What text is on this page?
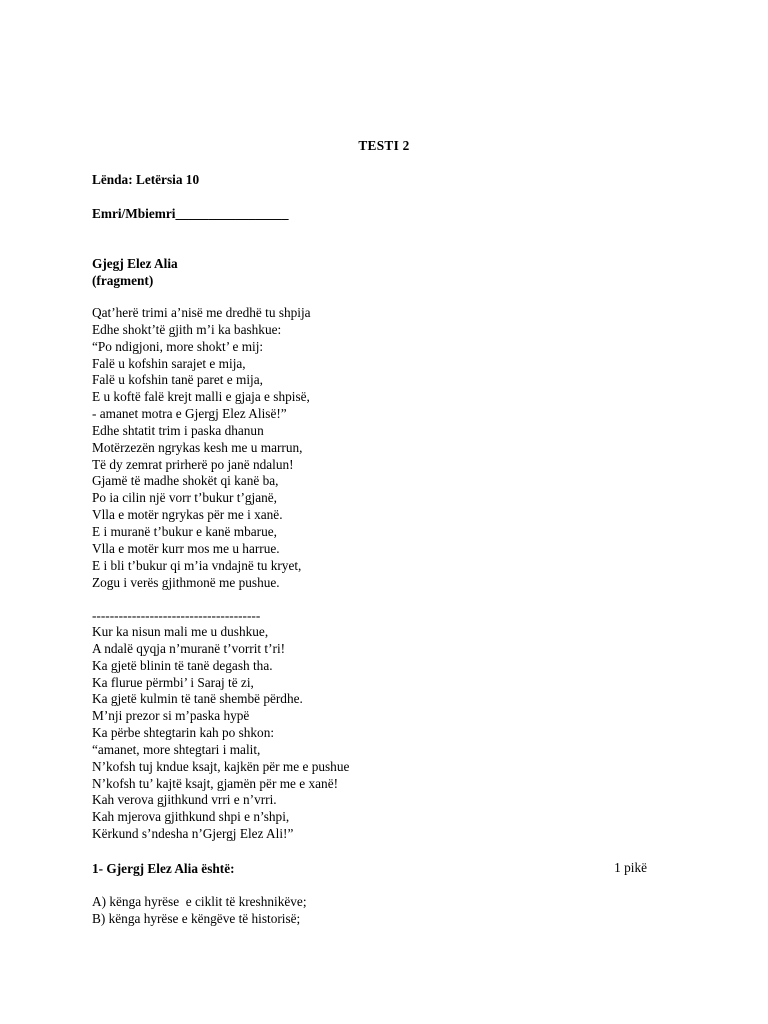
TESTI 2
Lënda: Letërsia 10
Emri/Mbiemri_________________
Gjegj Elez Alia
(fragment)
Qat’herë trimi a’nisë me dredhë tu shpija
Edhe shokt’të gjith m’i ka bashkue:
“Po ndigjoni, more shokt’ e mij:
Falë u kofshin sarajet e mija,
Falë u kofshin tanë paret e mija,
E u koftë falë krejt malli e gjaja e shpisë,
- amanet motra e Gjergj Elez Alisë!”
Edhe shtatit trim i paska dhanun
Motërzezën ngrykas kesh me u marrun,
Të dy zemrat prirherë po janë ndalun!
Gjamë të madhe shokët qi kanë ba,
Po ia cilin një vorr t’bukur t’gjanë,
Vlla e motër ngrykas për me i xanë.
E i muranë t’bukur e kanë mbarue,
Vlla e motër kurr mos me u harrue.
E i bli t’bukur qi m’ia vndajnë tu kryet,
Zogu i verës gjithmonë me pushue.
--------------------------------------
Kur ka nisun mali me u dushkue,
A ndalë qyqja n’muranë t’vorrit t’ri!
Ka gjetë blinin të tanë degash tha.
Ka flurue përmbi’ i Saraj të zi,
Ka gjetë kulmin të tanë shembë përdhe.
M’nji prezor si m’paska hypë
Ka përbe shtegtarin kah po shkon:
“amanet, more shtegtari i malit,
N’kofsh tuj kndue ksajt, kajkën për me e pushue
N’kofsh tu’ kajtë ksajt, gjamën për me e xanë!
Kah verova gjithkund vrri e n’vrri.
Kah mjerova gjithkund shpi e n’shpi,
Kërkund s’ndesha n’Gjergj Elez Ali!”
1- Gjergj Elez Alia është:	1 pikë
A) kënga hyrëse  e ciklit të kreshnikëve;
B) kënga hyrëse e këngëve të historisë;
